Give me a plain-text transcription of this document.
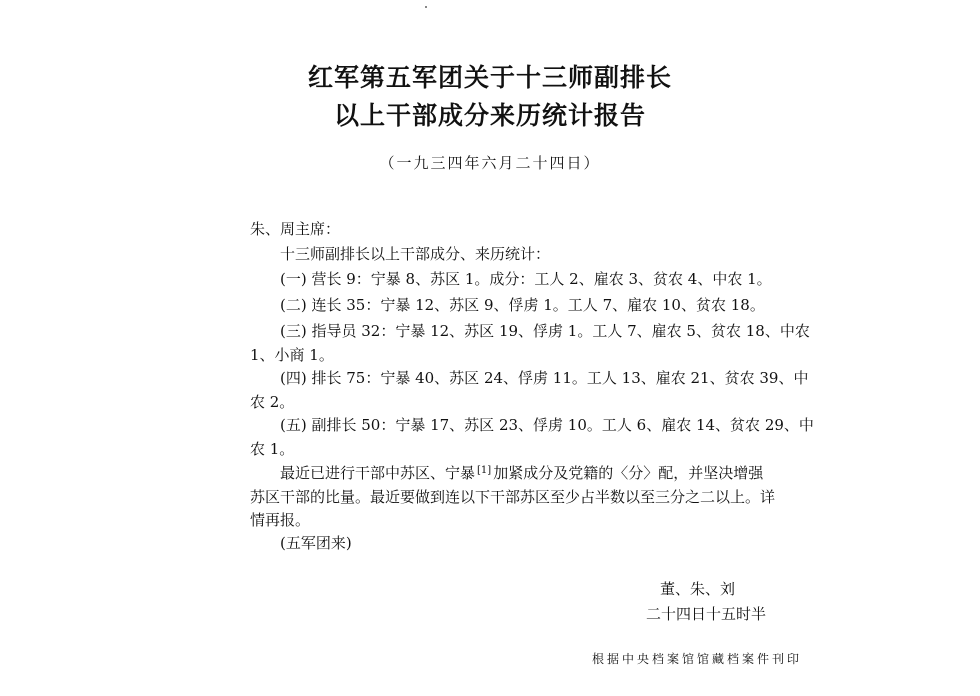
红军第五军团关于十三师副排长
以上干部成分来历统计报告
（一九三四年六月二十四日）
朱、周主席：
十三师副排长以上干部成分、来历统计：
(一) 营长 9：宁暴 8、苏区 1。成分：工人 2、雇农 3、贫农 4、中农 1。
(二) 连长 35：宁暴 12、苏区 9、俘虏 1。工人 7、雇农 10、贫农 18。
(三) 指导员 32：宁暴 12、苏区 19、俘虏 1。工人 7、雇农 5、贫农 18、中农
1、小商 1。
(四) 排长 75：宁暴 40、苏区 24、俘虏 11。工人 13、雇农 21、贫农 39、中
农 2。
(五) 副排长 50：宁暴 17、苏区 23、俘虏 10。工人 6、雇农 14、贫农 29、中
农 1。
最近已进行干部中苏区、宁暴 [1] 加紧成分及党籍的〈分〉配，并坚决增强
苏区干部的比量。最近要做到连以下干部苏区至少占半数以至三分之二以上。详
情再报。
(五军团来)
董、朱、刘
二十四日十五时半
根据中央档案馆馆藏档案件刊印
